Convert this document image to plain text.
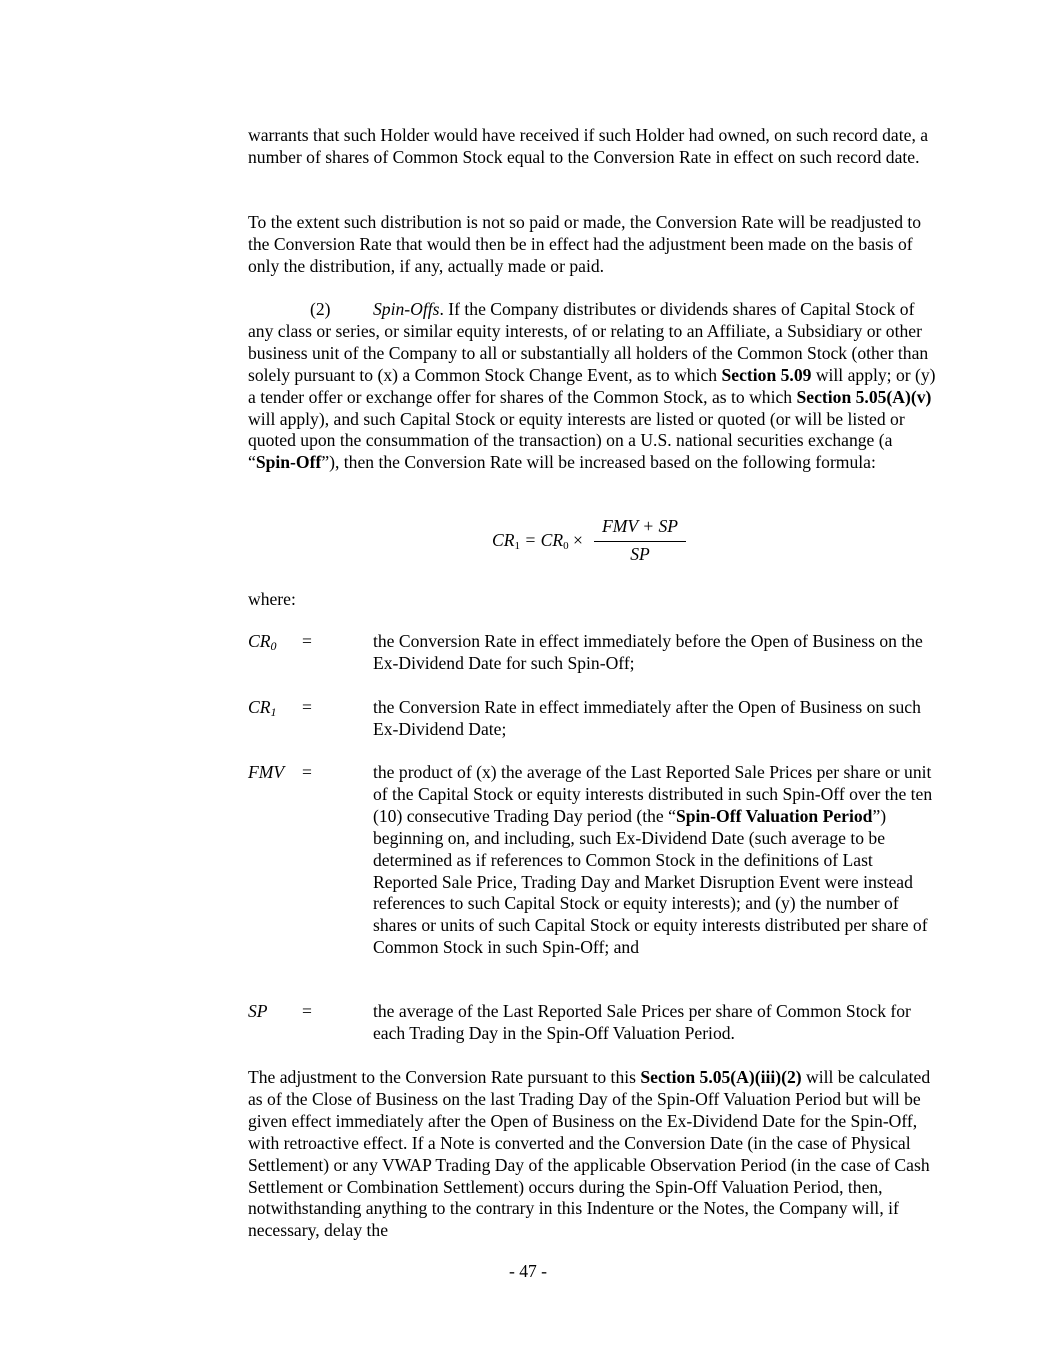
warrants that such Holder would have received if such Holder had owned, on such record date, a number of shares of Common Stock equal to the Conversion Rate in effect on such record date.

To the extent such distribution is not so paid or made, the Conversion Rate will be readjusted to the Conversion Rate that would then be in effect had the adjustment been made on the basis of only the distribution, if any, actually made or paid.

(2) Spin-Offs. If the Company distributes or dividends shares of Capital Stock of any class or series, or similar equity interests, of or relating to an Affiliate, a Subsidiary or other business unit of the Company to all or substantially all holders of the Common Stock (other than solely pursuant to (x) a Common Stock Change Event, as to which Section 5.09 will apply; or (y) a tender offer or exchange offer for shares of the Common Stock, as to which Section 5.05(A)(v) will apply), and such Capital Stock or equity interests are listed or quoted (or will be listed or quoted upon the consummation of the transaction) on a U.S. national securities exchange (a “Spin-Off”), then the Conversion Rate will be increased based on the following formula:

$CR_1 = CR_0$ ×
FMV + SP
SP

where:

$CR_0$ =	the Conversion Rate in effect immediately before the Open of Business on the Ex-Dividend Date for such Spin-Off;
$CR_1$ =	the Conversion Rate in effect immediately after the Open of Business on such Ex-Dividend Date;
FMV =	the product of (x) the average of the Last Reported Sale Prices per share or unit of the Capital Stock or equity interests distributed in such Spin-Off over the ten (10) consecutive Trading Day period (the “Spin-Off Valuation Period”) beginning on, and including, such Ex-Dividend Date (such average to be determined as if references to Common Stock in the definitions of Last Reported Sale Price, Trading Day and Market Disruption Event were instead references to such Capital Stock or equity interests); and (y) the number of shares or units of such Capital Stock or equity interests distributed per share of Common Stock in such Spin-Off; and
SP =	the average of the Last Reported Sale Prices per share of Common Stock for each Trading Day in the Spin-Off Valuation Period.

The adjustment to the Conversion Rate pursuant to this Section 5.05(A)(iii)(2) will be calculated as of the Close of Business on the last Trading Day of the Spin-Off Valuation Period but will be given effect immediately after the Open of Business on the Ex-Dividend Date for the Spin-Off, with retroactive effect. If a Note is converted and the Conversion Date (in the case of Physical Settlement) or any VWAP Trading Day of the applicable Observation Period (in the case of Cash Settlement or Combination Settlement) occurs during the Spin-Off Valuation Period, then, notwithstanding anything to the contrary in this Indenture or the Notes, the Company will, if necessary, delay the

- 47 -
